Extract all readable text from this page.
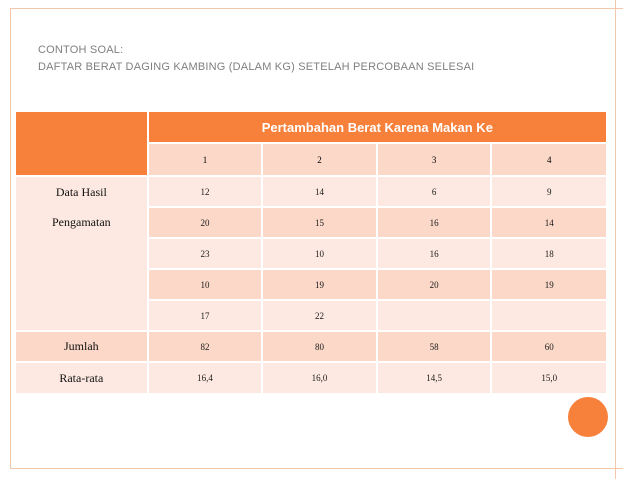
CONTOH SOAL:
DAFTAR BERAT DAGING KAMBING (DALAM KG) SETELAH PERCOBAAN SELESAI
	Pertambahan Berat Karena Makan Ke			
	1	2	3	4

Data Hasil
Pengamatan	12	14	6	9
	20	15	16	14
	23	10	16	18
	10	19	20	19
	17	22		
Jumlah	82	80	58	60
Rata-rata	16,4	16,0	14,5	15,0
